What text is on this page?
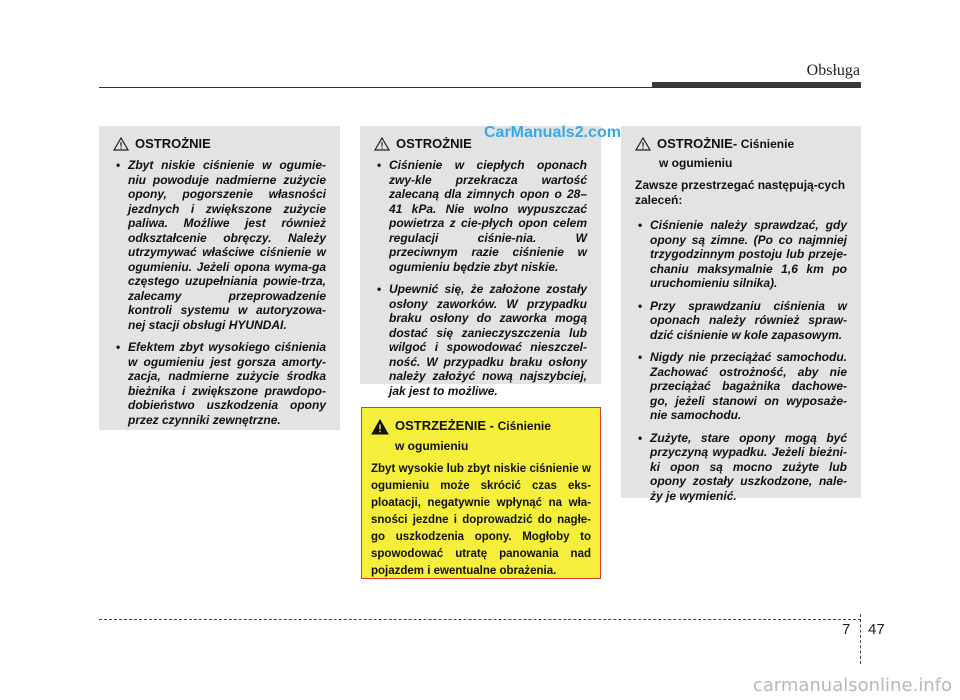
Obsługa
OSTROŻNIE
• Zbyt niskie ciśnienie w ogumie-niu powoduje nadmierne zużycie opony, pogorszenie własności jezdnych i zwiększone zużycie paliwa. Możliwe jest również odkształcenie obręczy. Należy utrzymywać właściwe ciśnienie w ogumieniu. Jeżeli opona wyma-ga częstego uzupełniania powie-trza, zalecamy przeprowadzenie kontroli systemu w autoryzowa-nej stacji obsługi HYUNDAI.
• Efektem zbyt wysokiego ciśnienia w ogumieniu jest gorsza amorty-zacja, nadmierne zużycie środka bieżnika i zwiększone prawdopo-dobieństwo uszkodzenia opony przez czynniki zewnętrzne.
OSTROŻNIE
• Ciśnienie w ciepłych oponach zwy-kle przekracza wartość zalecaną dla zimnych opon o 28–41 kPa. Nie wolno wypuszczać powietrza z cie-płych opon celem regulacji ciśnie-nia. W przeciwnym razie ciśnienie w ogumieniu będzie zbyt niskie.
• Upewnić się, że założone zostały osłony zaworków. W przypadku braku osłony do zaworka mogą dostać się zanieczyszczenia lub wilgoć i spowodować nieszczel-ność. W przypadku braku osłony należy założyć nową najszybciej, jak jest to możliwe.
CarManuals2.com
OSTROŻNIE- Ciśnienie
w ogumieniu
Zawsze przestrzegać następują-cych zaleceń:
• Ciśnienie należy sprawdzać, gdy opony są zimne. (Po co najmniej trzygodzinnym postoju lub przeje-chaniu maksymalnie 1,6 km po uruchomieniu silnika).
• Przy sprawdzaniu ciśnienia w oponach należy również spraw-dzić ciśnienie w kole zapasowym.
• Nigdy nie przeciążać samochodu. Zachować ostrożność, aby nie przeciążać bagażnika dachowe-go, jeżeli stanowi on wyposaże-nie samochodu.
• Zużyte, stare opony mogą być przyczyną wypadku. Jeżeli bieżni-ki opon są mocno zużyte lub opony zostały uszkodzone, nale-ży je wymienić.
OSTRZEŻENIE - Ciśnienie
w ogumieniu
Zbyt wysokie lub zbyt niskie ciśnienie w ogumieniu może skrócić czas eks-ploatacji, negatywnie wpłynąć na wła-sności jezdne i doprowadzić do nagłe-go uszkodzenia opony. Mogłoby to spowodować utratę panowania nad pojazdem i ewentualne obrażenia.
7 47
carmanualsonline.info
